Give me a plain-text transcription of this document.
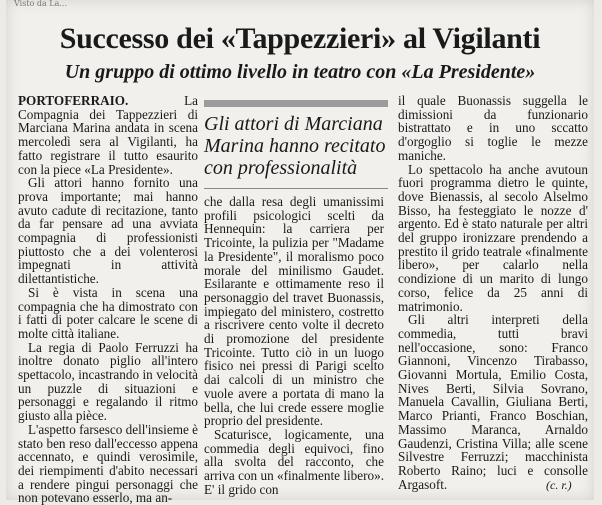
Visto da La...
Successo dei «Tappezzieri» al Vigilanti
Un gruppo di ottimo livello in teatro con «La Presidente»

PORTOFERRAIO.	La Compagnia dei Tappezzieri di Marciana Marina andata in scena mercoledì sera al Vigilanti, ha fatto registrare il tutto esaurito con la piece «La Presidente».

Gli attori hanno fornito una prova importante; mai hanno avuto cadute di recitazione, tanto da far pensare ad una avviata compagnia di professionisti piuttosto che a dei volenterosi impegnati in attività dilettantistiche.

Si è vista in scena una compagnia che ha dimostrato con i fatti di poter calcare le scene di molte città italiane.

La regia di Paolo Ferruzzi ha inoltre donato piglio all'intero spettacolo, incastrando in velocità un puzzle di situazioni e personaggi e regalando il ritmo giusto alla pièce.

L'aspetto farsesco dell'insieme è stato ben reso dall'eccesso appena accennato, e quindi verosimile, dei riempimenti d'abito necessari a rendere pingui personaggi che non potevano esserlo, ma an-

Gli attori di Marciana Marina hanno recitato con professionalità

che dalla resa degli umanissimi profili psicologici scelti da Hennequin: la carriera per Tricointe, la pulizia per "Madame la Presidente", il moralismo poco morale del minilismo Gaudet. Esilarante e ottimamente reso il personaggio del travet Buonassis, impiegato del ministero, costretto a riscrivere cento volte il decreto di promozione del presidente Tricointe. Tutto ciò in un luogo fisico nei pressi di Parigi scelto dai calcoli di un ministro che vuole avere a portata di mano la bella, che lui crede essere moglie proprio del presidente.

Scaturisce, logicamente, una commedia degli equivoci, fino alla svolta del racconto, che arriva con un «finalmente libero». E' il grido con

il quale Buonassis suggella le dimissioni da funzionario bistrattato e in uno sccatto d'orgoglio si toglie le mezze maniche.

Lo spettacolo ha anche avutoun fuori programma dietro le quinte, dove Bienassis, al secolo Alselmo Bisso, ha festeggiato le nozze d' argento. Ed è stato naturale per altri del gruppo ironizzare prendendo a prestito il grido teatrale «finalmente libero», per calarlo nella condizione di un marito di lungo corso, felice da 25 anni di matrimonio.

Gli altri interpreti della commedia, tutti bravi nell'occasione, sono: Franco Giannoni, Vincenzo Tirabasso, Giovanni Mortula, Emilio Costa, Nives Berti, Silvia Sovrano, Manuela Cavallin, Giuliana Berti, Marco Prianti, Franco Boschian, Massimo Maranca, Arnaldo Gaudenzi, Cristina Villa; alle scene Silvestre Ferruzzi; macchinista Roberto Raino; luci e consolle Argasoft.	(c. r.)
